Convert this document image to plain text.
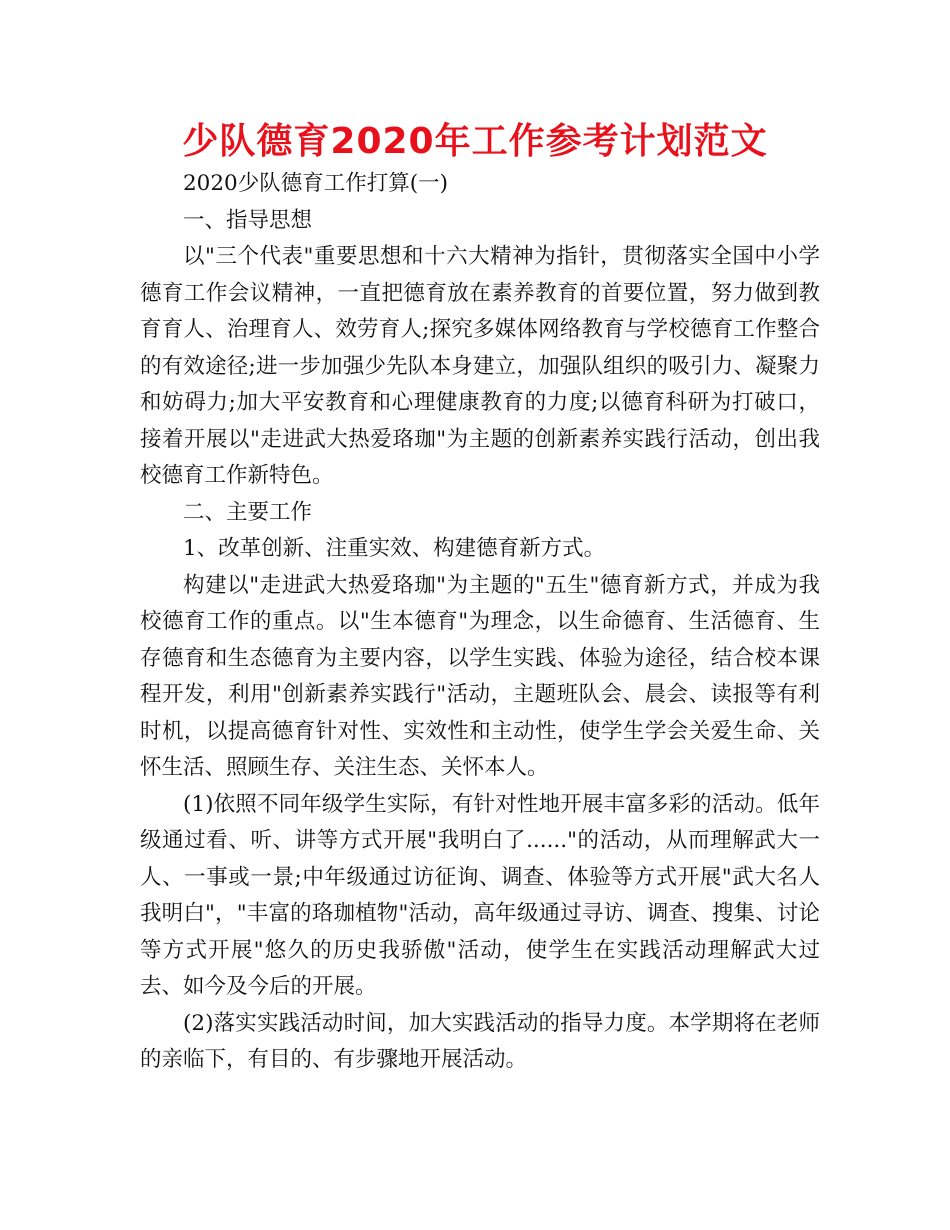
少队德育2020年工作参考计划范文

2020少队德育工作打算(一)

一、指导思想

以"三个代表"重要思想和十六大精神为指针，贯彻落实全国中小学德育工作会议精神，一直把德育放在素养教育的首要位置，努力做到教育育人、治理育人、效劳育人;探究多媒体网络教育与学校德育工作整合的有效途径;进一步加强少先队本身建立，加强队组织的吸引力、凝聚力和妨碍力;加大平安教育和心理健康教育的力度;以德育科研为打破口，接着开展以"走进武大热爱珞珈"为主题的创新素养实践行活动，创出我校德育工作新特色。

二、主要工作

1、改革创新、注重实效、构建德育新方式。

构建以"走进武大热爱珞珈"为主题的"五生"德育新方式，并成为我校德育工作的重点。以"生本德育"为理念，以生命德育、生活德育、生存德育和生态德育为主要内容，以学生实践、体验为途径，结合校本课程开发，利用"创新素养实践行"活动，主题班队会、晨会、读报等有利时机，以提高德育针对性、实效性和主动性，使学生学会关爱生命、关怀生活、照顾生存、关注生态、关怀本人。

(1)依照不同年级学生实际，有针对性地开展丰富多彩的活动。低年级通过看、听、讲等方式开展"我明白了......"的活动，从而理解武大一人、一事或一景;中年级通过访征询、调查、体验等方式开展"武大名人我明白"，"丰富的珞珈植物"活动，高年级通过寻访、调查、搜集、讨论等方式开展"悠久的历史我骄傲"活动，使学生在实践活动理解武大过去、如今及今后的开展。

(2)落实实践活动时间，加大实践活动的指导力度。本学期将在老师的亲临下，有目的、有步骤地开展活动。
